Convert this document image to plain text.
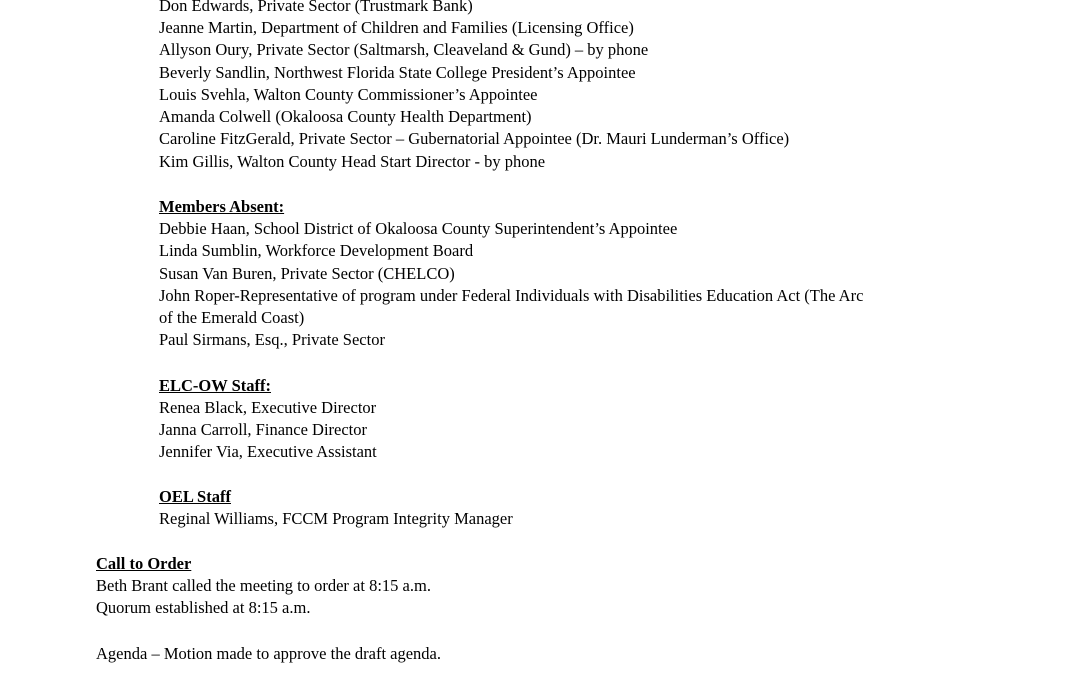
Don Edwards, Private Sector (Trustmark Bank)
Jeanne Martin, Department of Children and Families (Licensing Office)
Allyson Oury, Private Sector (Saltmarsh, Cleaveland & Gund) – by phone
Beverly Sandlin, Northwest Florida State College President’s Appointee
Louis Svehla, Walton County Commissioner’s Appointee
Amanda Colwell (Okaloosa County Health Department)
Caroline FitzGerald, Private Sector – Gubernatorial Appointee (Dr. Mauri Lunderman’s Office)
Kim Gillis, Walton County Head Start Director - by phone
Members Absent:
Debbie Haan, School District of Okaloosa County Superintendent’s Appointee
Linda Sumblin, Workforce Development Board
Susan Van Buren, Private Sector (CHELCO)
John Roper-Representative of program under Federal Individuals with Disabilities Education Act (The Arc
of the Emerald Coast)
Paul Sirmans, Esq., Private Sector
ELC-OW Staff:
Renea Black, Executive Director
Janna Carroll, Finance Director
Jennifer Via, Executive Assistant
OEL Staff
Reginal Williams, FCCM Program Integrity Manager
Call to Order
Beth Brant called the meeting to order at 8:15 a.m.
Quorum established at 8:15 a.m.
Agenda – Motion made to approve the draft agenda.
